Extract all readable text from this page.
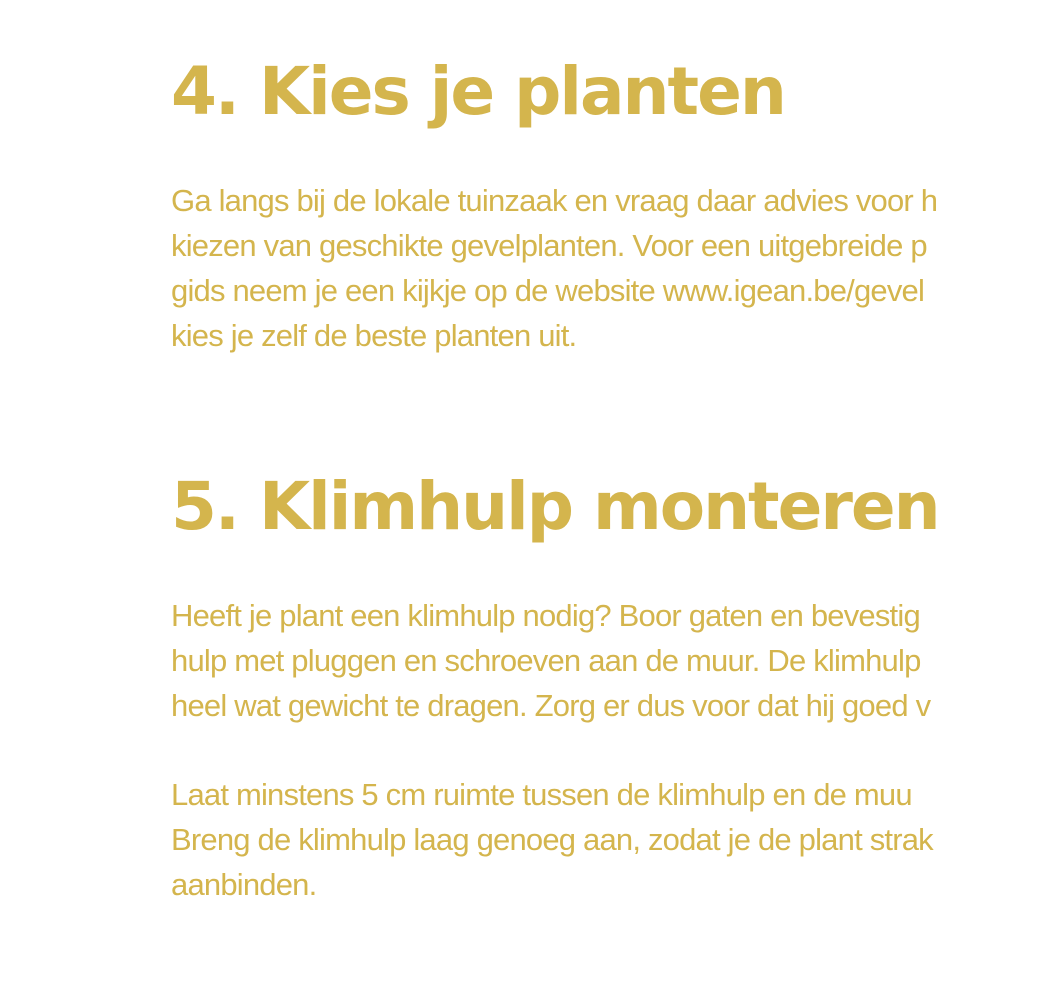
4. Kies je planten

Ga langs bij de lokale tuinzaak en vraag daar advies voor h
kiezen van geschikte gevelplanten. Voor een uitgebreide p
gids neem je een kijkje op de website www.igean.be/gevel
kies je zelf de beste planten uit.

5. Klimhulp monteren

Heeft je plant een klimhulp nodig? Boor gaten en bevestig
hulp met pluggen en schroeven aan de muur. De klimhulp
heel wat gewicht te dragen. Zorg er dus voor dat hij goed v

Laat minstens 5 cm ruimte tussen de klimhulp en de muu
Breng de klimhulp laag genoeg aan, zodat je de plant strak
aanbinden.
